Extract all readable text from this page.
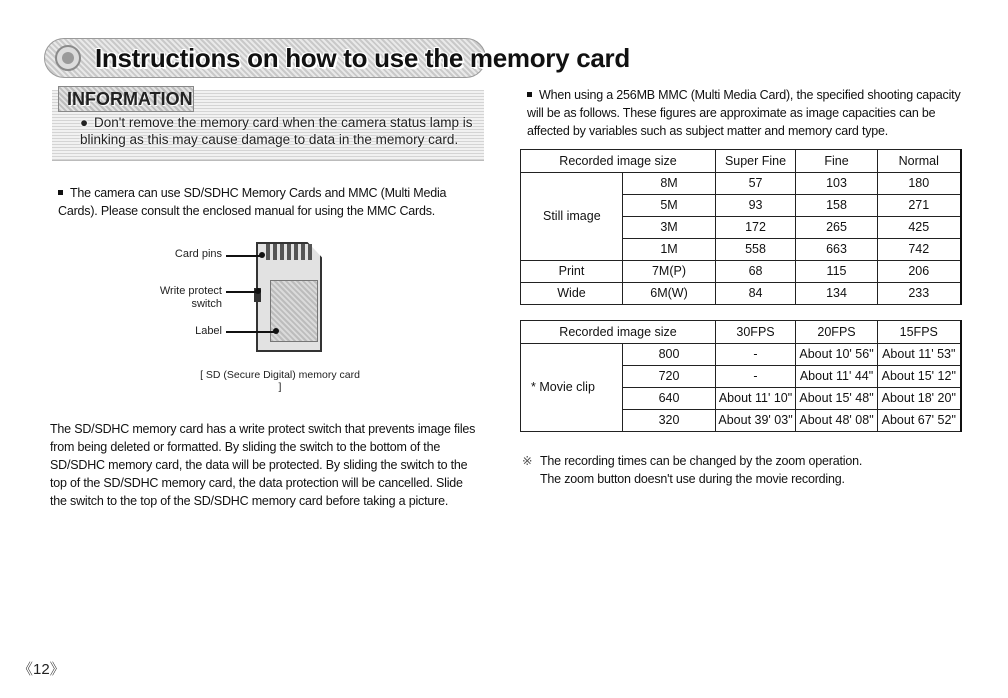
Instructions on how to use the memory card
INFORMATION
● Don't remove the memory card when the camera status lamp is blinking as this may cause damage to data in the memory card.
The camera can use SD/SDHC Memory Cards and MMC (Multi Media Cards). Please consult the enclosed manual for using the MMC Cards.
Card pins
Write protect
switch
Label
[ SD (Secure Digital) memory card ]
The SD/SDHC memory card has a write protect switch that prevents image files from being deleted or formatted. By sliding the switch to the bottom of the SD/SDHC memory card, the data will be protected. By sliding the switch to the top of the SD/SDHC memory card, the data protection will be cancelled. Slide the switch to the top of the SD/SDHC memory card before taking a picture.
When using a 256MB MMC (Multi Media Card), the specified shooting capacity will be as follows. These figures are approximate as image capacities can be affected by variables such as subject matter and memory card type.
Recorded image size		Super Fine	Fine	Normal
Still image	8M	57	103	180
	5M	93	158	271
	3M	172	265	425
	1M	558	663	742
Print	7M(P)	68	115	206
Wide	6M(W)	84	134	233
Recorded image size		30FPS	20FPS	15FPS
* Movie clip	800	-	About 10' 56"	About 11' 53"
	720	-	About 11' 44"	About 15' 12"
	640	About 11' 10"	About 15' 48"	About 18' 20"
	320	About 39' 03"	About 48' 08"	About 67' 52"
※ The recording times can be changed by the zoom operation.
The zoom button doesn't use during the movie recording.
《12》
